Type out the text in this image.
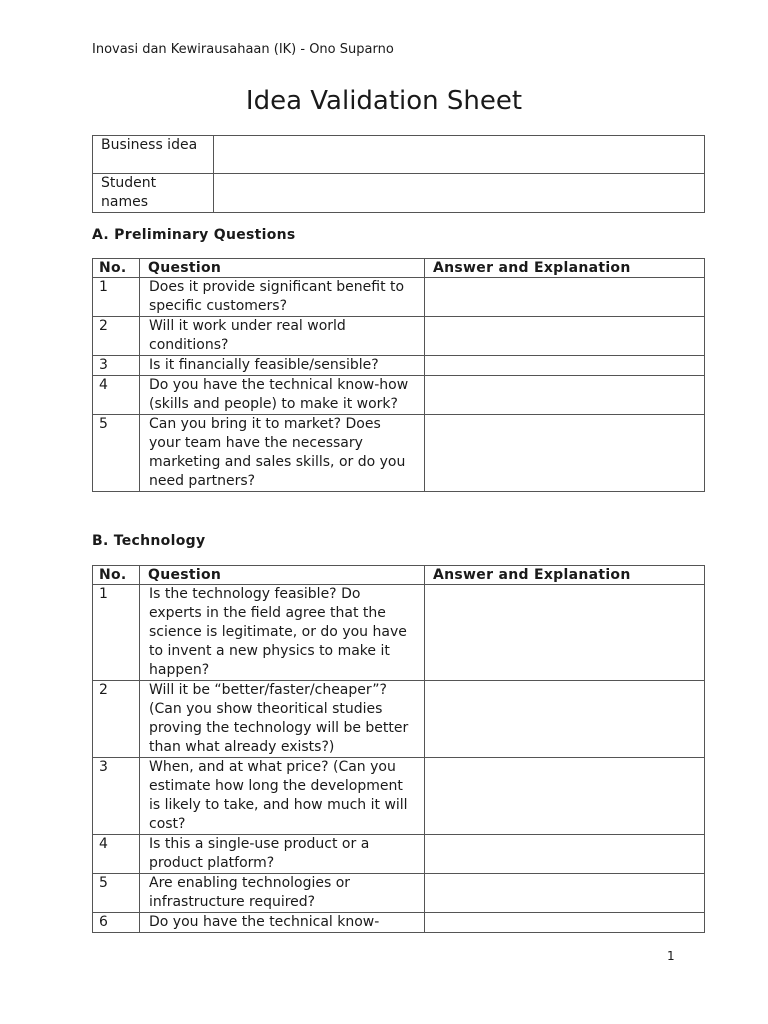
Inovasi dan Kewirausahaan (IK) - Ono Suparno
Idea Validation Sheet
Business idea	
Student names	
A. Preliminary Questions
No.	Question	Answer and Explanation
1	Does it provide significant benefit to specific customers?	
2	Will it work under real world conditions?	
3	Is it financially feasible/sensible?	
4	Do you have the technical know-how (skills and people) to make it work?	
5	Can you bring it to market? Does your team have the necessary marketing and sales skills, or do you need partners?	
B. Technology
No.	Question	Answer and Explanation
1	Is the technology feasible? Do experts in the field agree that the science is legitimate, or do you have to invent a new physics to make it happen?	
2	Will it be “better/faster/cheaper”? (Can you show theoritical studies proving the technology will be better than what already exists?)	
3	When, and at what price? (Can you estimate how long the development is likely to take, and how much it will cost?	
4	Is this a single-use product or a product platform?	
5	Are enabling technologies or infrastructure required?	
6	Do you have the technical know-	
1
